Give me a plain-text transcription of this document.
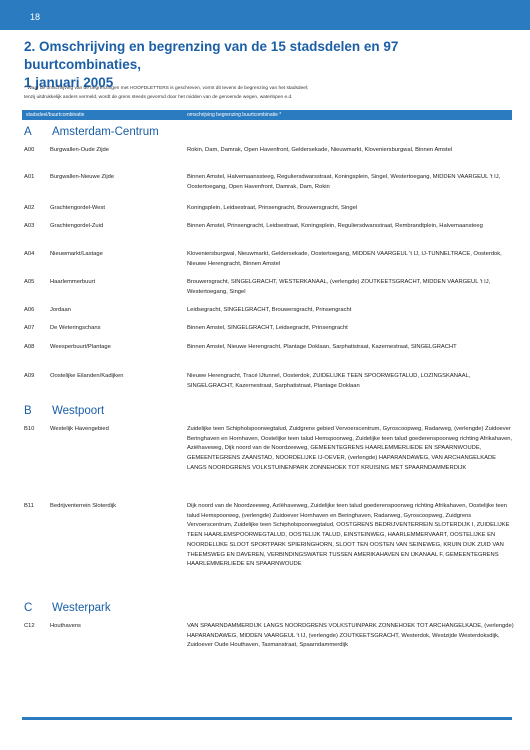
18
2. Omschrijving en begrenzing van de 15 stadsdelen en 97 buurtcombinaties,
1 januari 2005
* Waar de omschrijving van de begrenzingen met HOOFDLETTERS is geschreven, vormt dit tevens de begrenzing van het stadsdeel;
tenzij uitdrukkelijk anders vermeld, wordt de grens steeds gevormd door het midden van de genoemde wegen, waterlopen e.d.
stadsdeel/buurtcombinatie	omschrijving begrenzing buurtcombinatie *
A Amsterdam-Centrum
A00	Burgwallen-Oude Zijde	Rokin, Dam, Damrak, Open Havenfront, Geldersekade, Nieuwmarkt, Kloveniersburgwal, Binnen Amstel
A01	Burgwallen-Nieuwe Zijde	Binnen Amstel, Halvemaanssteeg, Reguliersdwarsstraat, Koningsplein, Singel, Westertoegang, MIDDEN VAARGEUL 't IJ, Oostertoegang, Open Havenfront, Damrak, Dam, Rokin
A02	Grachtengordel-West	Koningsplein, Leidsestraat, Prinsengracht, Brouwersgracht, Singel
A03	Grachtengordel-Zuid	Binnen Amstel, Prinsengracht, Leidsestraat, Koningsplein, Reguliersdwarsstraat, Rembrandtplein, Halvemaansteeg
A04	Nieuwmarkt/Lastage	Kloveniersburgwal, Nieuwmarkt, Geldersekade, Oostertoegang, MIDDEN VAARGEUL 't IJ, IJ-TUNNELTRACE, Oosterdok, Nieuwe Herengracht, Binnen Amstel
A05	Haarlemmerbuurt	Brouwersgracht, SINGELGRACHT, WESTERKANAAL, (verlengde) ZOUTKEETSGRACHT, MIDDEN VAARGEUL 't IJ, Westertoegang, Singel
A06	Jordaan	Leidsegracht, SINGELGRACHT, Brouwersgracht, Prinsengracht
A07	De Weteringschans	Binnen Amstel, SINGELGRACHT, Leidsegracht, Prinsengracht
A08	Weesperbuurt/Plantage	Binnen Amstel, Nieuwe Herengracht, Plantage Doklaan, Sarphatistraat, Kazernestraat, SINGELGRACHT
A09	Oostelijke Eilanden/Kadijken	Nieuwe Herengracht, Tracé IJtunnel, Oosterdok, ZUIDELIJKE TEEN SPOORWEGTALUD, LOZINGSKANAAL, SINGELGRACHT, Kazernestraat, Sarphatistraat, Plantage Doklaan
B Westpoort
B10	Westelijk Havengebied	Zuidelijke teen Schipholspoorwegtalud, Zuidgrens gebied Vervoerscentrum, Gyroscoopweg, Radarweg, (verlengde) Zuidoever Beringhaven en Hornhaven, Oostelijke teen talud Hemspoorweg, Zuidelijke teen talud goederenspoorweg richting Afrikahaven, Aziëhaveweg, Dijk noord van de Noordzeeweg, GEMEENTEGRENS HAARLEMMERLIEDE EN SPAARNWOUDE, GEMEENTEGRENS ZAANSTAD, NOORDELIJKE IJ-OEVER, (verlengde) HAPARANDAWEG, VAN ARCHANGELKADE LANGS NOORDGRENS VOLKSTUINENPARK ZONNEHOEK TOT KRUISING MET SPAARNDAMMERDIJK
B11	Bedrijventerrein Sloterdijk	Dijk noord van de Noordzeeweg, Azïëhaveweg, Zuidelijke teen talud goederenspoorweg richting Afrikahaven, Oostelijke teen talud Hemspoorweg, (verlengde) Zuidoever Hornhaven en Beringhaven, Radarweg, Gyroscoopweg, Zuidgrens Vervoerscentrum, Zuidelijke teen Schipholspoorwegtalud, OOSTGRENS BEDRIJVENTERREIN SLOTERDIJK I, ZUIDELIJKE TEEN HAARLEMSPOORWEGTALUD, OOSTELIJK TALUD, EINSTEINWEG, HAARLEMMERVAART, OOSTELIJKE EN NOORDELIJKE SLOOT SPORTPARK SPIERINGHORN, SLOOT TEN OOSTEN VAN SEINEWEG, KRUIN DIJK ZUID VAN THEEMSWEG EN DAVEREN, VERBINDINGSWATER TUSSEN AMERIKAHAVEN EN IJKANAAL F, GEMEENTEGRENS HAARLEMMERLIEDE EN SPAARNWOUDE
C Westerpark
C12	Houthavens	VAN SPAARNDAMMERDIJK LANGS NOORDGRENS VOLKSTUINPARK ZONNEHOEK TOT ARCHANGELKADE, (verlengde) HAPARANDAWEG, MIDDEN VAARGEUL 't IJ, (verlengde) ZOUTKEETSGRACHT, Westerdok, Westzijde Westerdoksdijk, Zuidoever Oude Houthaven, Tasmanstraat, Spaarndammerdijk
